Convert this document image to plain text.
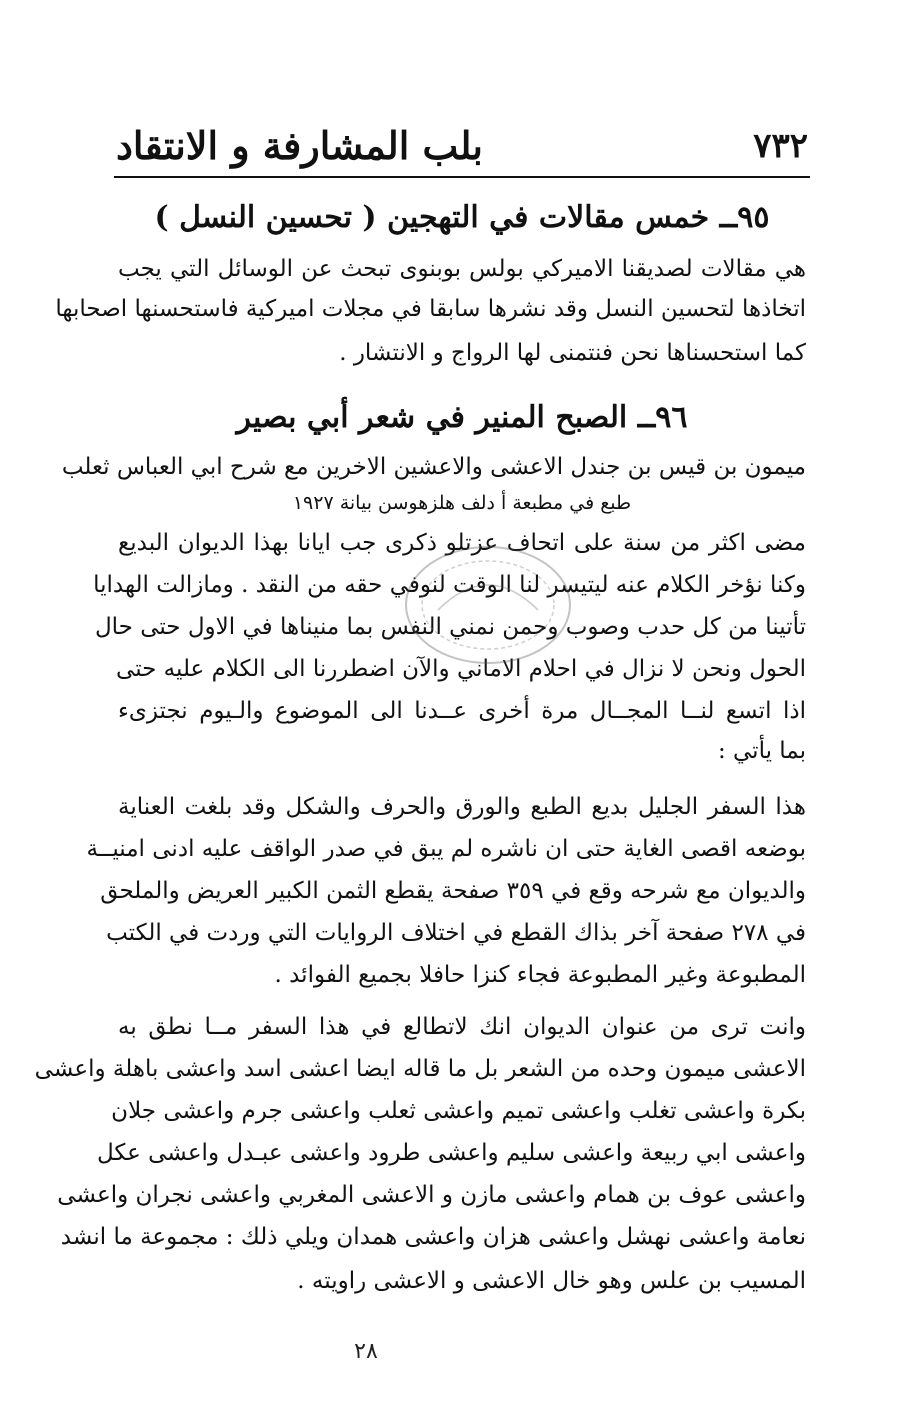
٧٣٢
بلب المشارفة و الانتقاد
٩٥ــ خمس مقالات في التهجين ( تحسين النسل )
هي مقالات لصديقنا الاميركي بولس بوبنوى تبحث عن الوسائل التي يجب
اتخاذها لتحسين النسل وقد نشرها سابقا في مجلات اميركية فاستحسنها اصحابها
كما استحسناها نحن فنتمنى لها الرواج و الانتشار .
٩٦ــ الصبح المنير في شعر أبي بصير
ميمون بن قيس بن جندل الاعشى والاعشين الاخرين مع شرح ابي العباس ثعلب
طبع في مطبعة أ دلف هلزهوسن بيانة ١٩٢٧
مضى اكثر من سنة على اتحاف عزتلو ذكرى جب ايانا بهذا الديوان البديع
وكنا نؤخر الكلام عنه ليتيسر لنا الوقت لنوفي حقه من النقد . ومازالت الهدايا
تأتينا من كل حدب وصوب وحمن نمني النفس بما منيناها في الاول حتى حال
الحول ونحن لا نزال في احلام الاماني والآن اضطررنا الى الكلام عليه حتى
اذا اتسع لنــا المجــال مرة أخرى عــدنا الى الموضوع والـيوم نجتزىء
بما يأتي :
هذا السفر الجليل بديع الطبع والورق والحرف والشكل وقد بلغت العناية
بوضعه اقصى الغاية حتى ان ناشره لم يبق في صدر الواقف عليه ادنى امنيــة
والديوان مع شرحه وقع في ٣٥٩ صفحة يقطع الثمن الكبير العريض والملحق
في ٢٧٨ صفحة آخر بذاك القطع في اختلاف الروايات التي وردت في الكتب
المطبوعة وغير المطبوعة فجاء كنزا حافلا بجميع الفوائد .
وانت ترى من عنوان الديوان انك لاتطالع في هذا السفر مــا نطق به
الاعشى ميمون وحده من الشعر بل ما قاله ايضا اعشى اسد واعشى باهلة واعشى
بكرة واعشى تغلب واعشى تميم واعشى ثعلب واعشى جرم واعشى جلان
واعشى ابي ربيعة واعشى سليم واعشى طرود واعشى عبـدل واعشى عكل
واعشى عوف بن همام واعشى مازن و الاعشى المغربي واعشى نجران واعشى
نعامة واعشى نهشل واعشى هزان واعشى همدان ويلي ذلك : مجموعة ما انشد
المسيب بن علس وهو خال الاعشى و الاعشى راويته .
۲۸
